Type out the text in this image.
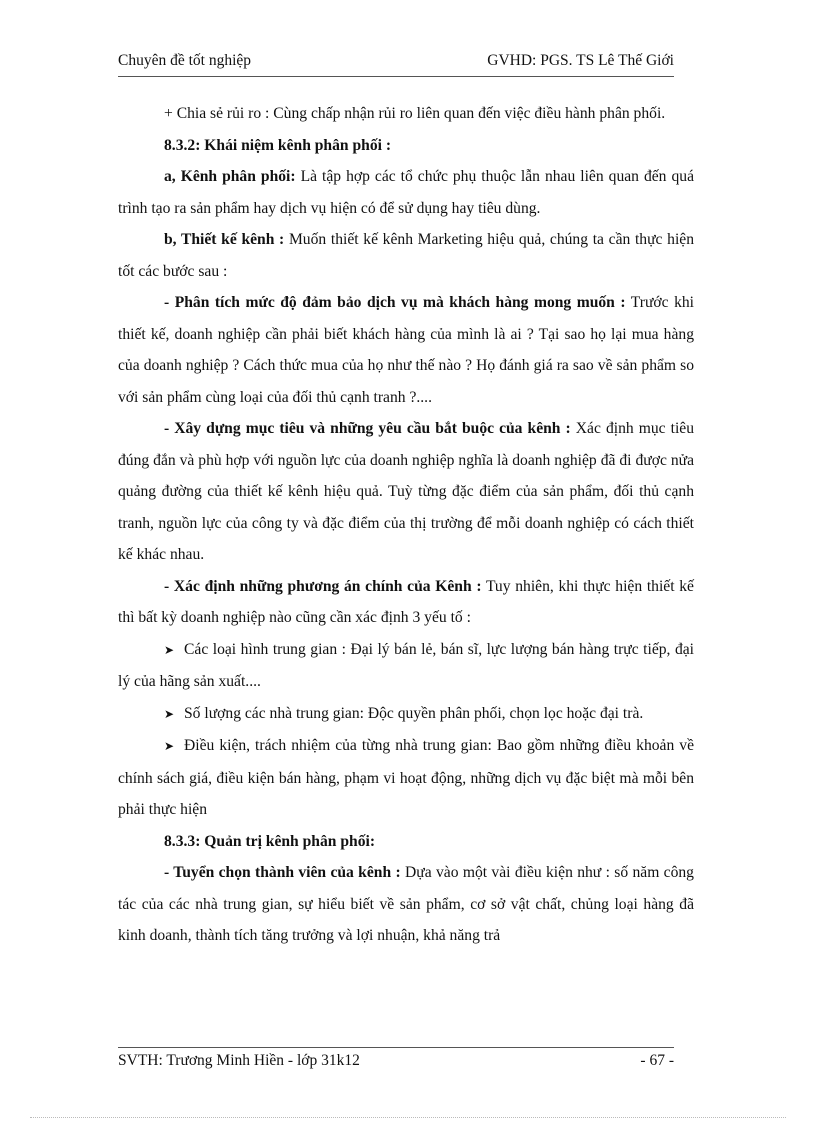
Chuyên đề tốt nghiệp	GVHD: PGS. TS Lê Thế Giới

+ Chia sẻ rủi ro : Cùng chấp nhận rủi ro liên quan đến việc điều hành phân phối.

8.3.2: Khái niệm kênh phân phối :

a, Kênh phân phối: Là tập hợp các tổ chức phụ thuộc lẫn nhau liên quan đến quá trình tạo ra sản phẩm hay dịch vụ hiện có để sử dụng hay tiêu dùng.

b, Thiết kế kênh : Muốn thiết kế kênh Marketing hiệu quả, chúng ta cần thực hiện tốt các bước sau :

- Phân tích mức độ đảm bảo dịch vụ mà khách hàng mong muốn : Trước khi thiết kế, doanh nghiệp cần phải biết khách hàng của mình là ai ? Tại sao họ lại mua hàng của doanh nghiệp ? Cách thức mua của họ như thế nào ? Họ đánh giá ra sao về sản phẩm so với sản phẩm cùng loại của đối thủ cạnh tranh ?....

- Xây dựng mục tiêu và những yêu cầu bắt buộc của kênh : Xác định mục tiêu đúng đắn và phù hợp với nguồn lực của doanh nghiệp nghĩa là doanh nghiệp đã đi được nửa quảng đường của thiết kế kênh hiệu quả. Tuỳ từng đặc điểm của sản phẩm, đối thủ cạnh tranh, nguồn lực của công ty và đặc điểm của thị trường để mỗi doanh nghiệp có cách thiết kế khác nhau.

- Xác định những phương án chính của Kênh : Tuy nhiên, khi thực hiện thiết kế thì bất kỳ doanh nghiệp nào cũng cần xác định 3 yếu tố :

➤ Các loại hình trung gian : Đại lý bán lẻ, bán sĩ, lực lượng bán hàng trực tiếp, đại lý của hãng sản xuất....

➤ Số lượng các nhà trung gian: Độc quyền phân phối, chọn lọc hoặc đại trà.

➤ Điều kiện, trách nhiệm của từng nhà trung gian: Bao gồm những điều khoản về chính sách giá, điều kiện bán hàng, phạm vi hoạt động, những dịch vụ đặc biệt mà mỗi bên phải thực hiện

8.3.3: Quản trị kênh phân phối:

- Tuyển chọn thành viên của kênh : Dựa vào một vài điều kiện như : số năm công tác của các nhà trung gian, sự hiểu biết về sản phẩm, cơ sở vật chất, chủng loại hàng đã kinh doanh, thành tích tăng trưởng và lợi nhuận, khả năng trả

SVTH: Trương Minh Hiền - lớp 31k12	- 67 -
